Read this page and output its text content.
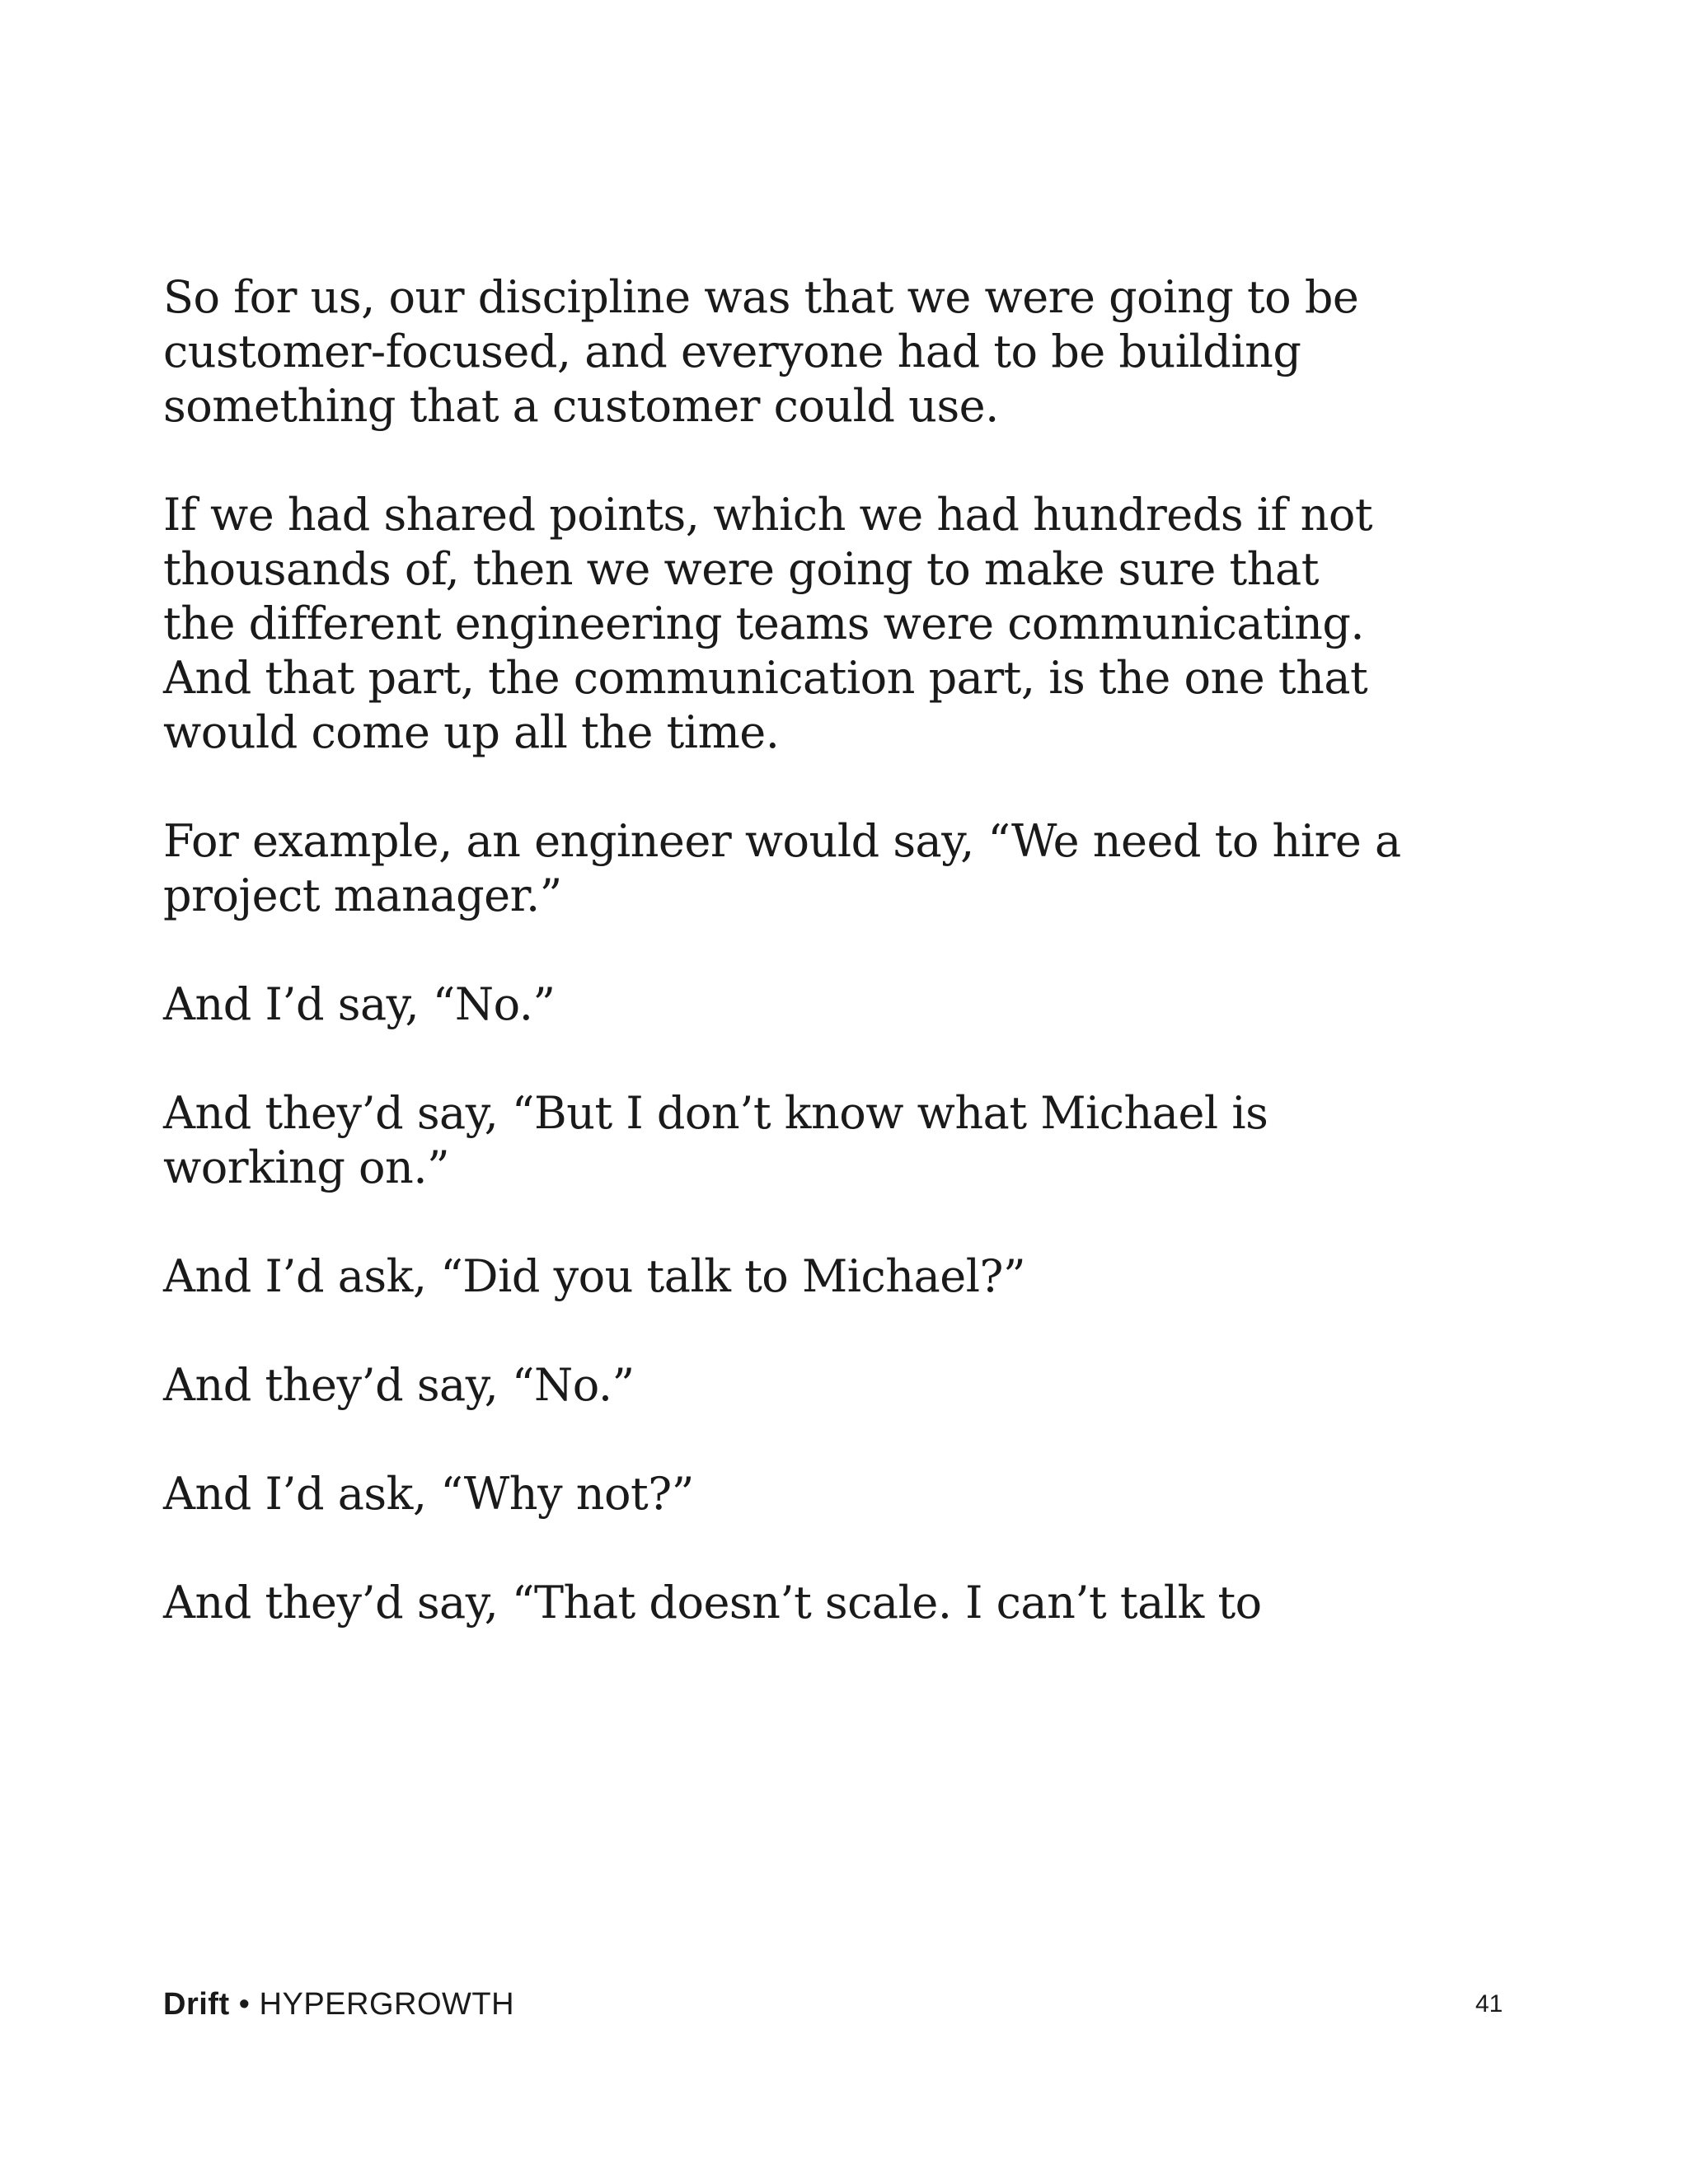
So for us, our discipline was that we were going to be
customer-focused, and everyone had to be building
something that a customer could use.

If we had shared points, which we had hundreds if not
thousands of, then we were going to make sure that
the different engineering teams were communicating.
And that part, the communication part, is the one that
would come up all the time.

For example, an engineer would say, “We need to hire a
project manager.”

And I’d say, “No.”

And they’d say, “But I don’t know what Michael is
working on.”

And I’d ask, “Did you talk to Michael?”

And they’d say, “No.”

And I’d ask, “Why not?”

And they’d say, “That doesn’t scale. I can’t talk to

Drift • HYPERGROWTH	41
